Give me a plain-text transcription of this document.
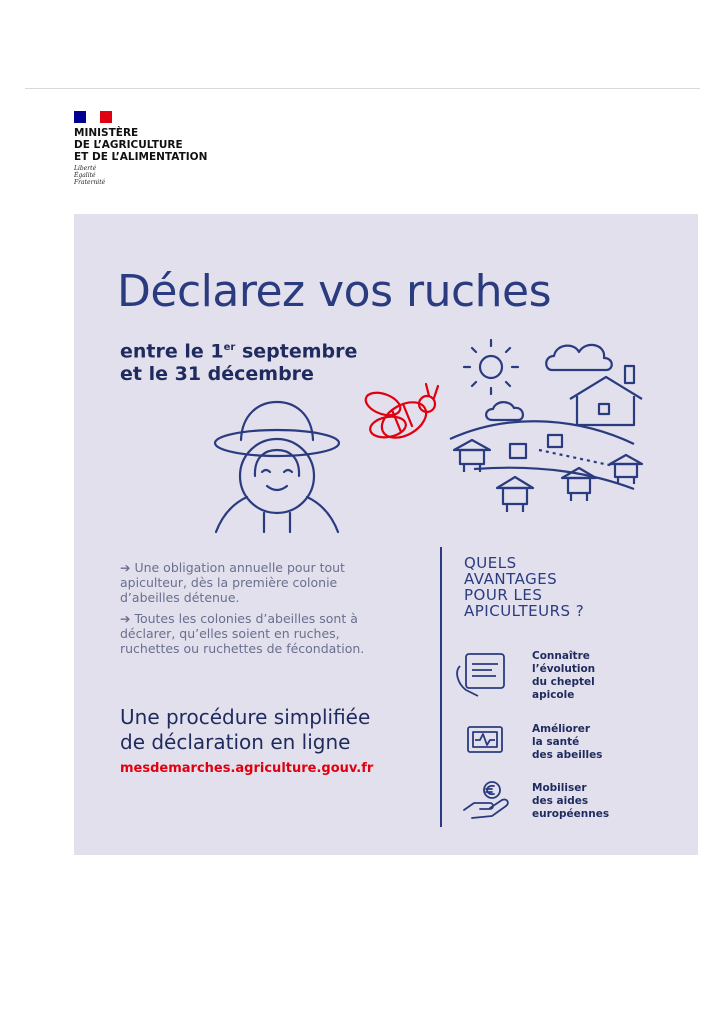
MINISTÈRE
DE L’AGRICULTURE
ET DE L’ALIMENTATION
Liberté
Égalité
Fraternité
Déclarez vos ruches
entre le 1er septembre
et le 31 décembre

➔ Une obligation annuelle pour tout apiculteur, dès la première colonie d’abeilles détenue.

➔ Toutes les colonies d’abeilles sont à déclarer, qu’elles soient en ruches, ruchettes ou ruchettes de fécondation.

Une procédure simplifiée
de déclaration en ligne
mesdemarches.agriculture.gouv.fr
QUELS
AVANTAGES
POUR LES
APICULTEURS ?
Connaître
l’évolution
du cheptel
apicole
Améliorer
la santé
des abeilles
Mobiliser
des aides
européennes
